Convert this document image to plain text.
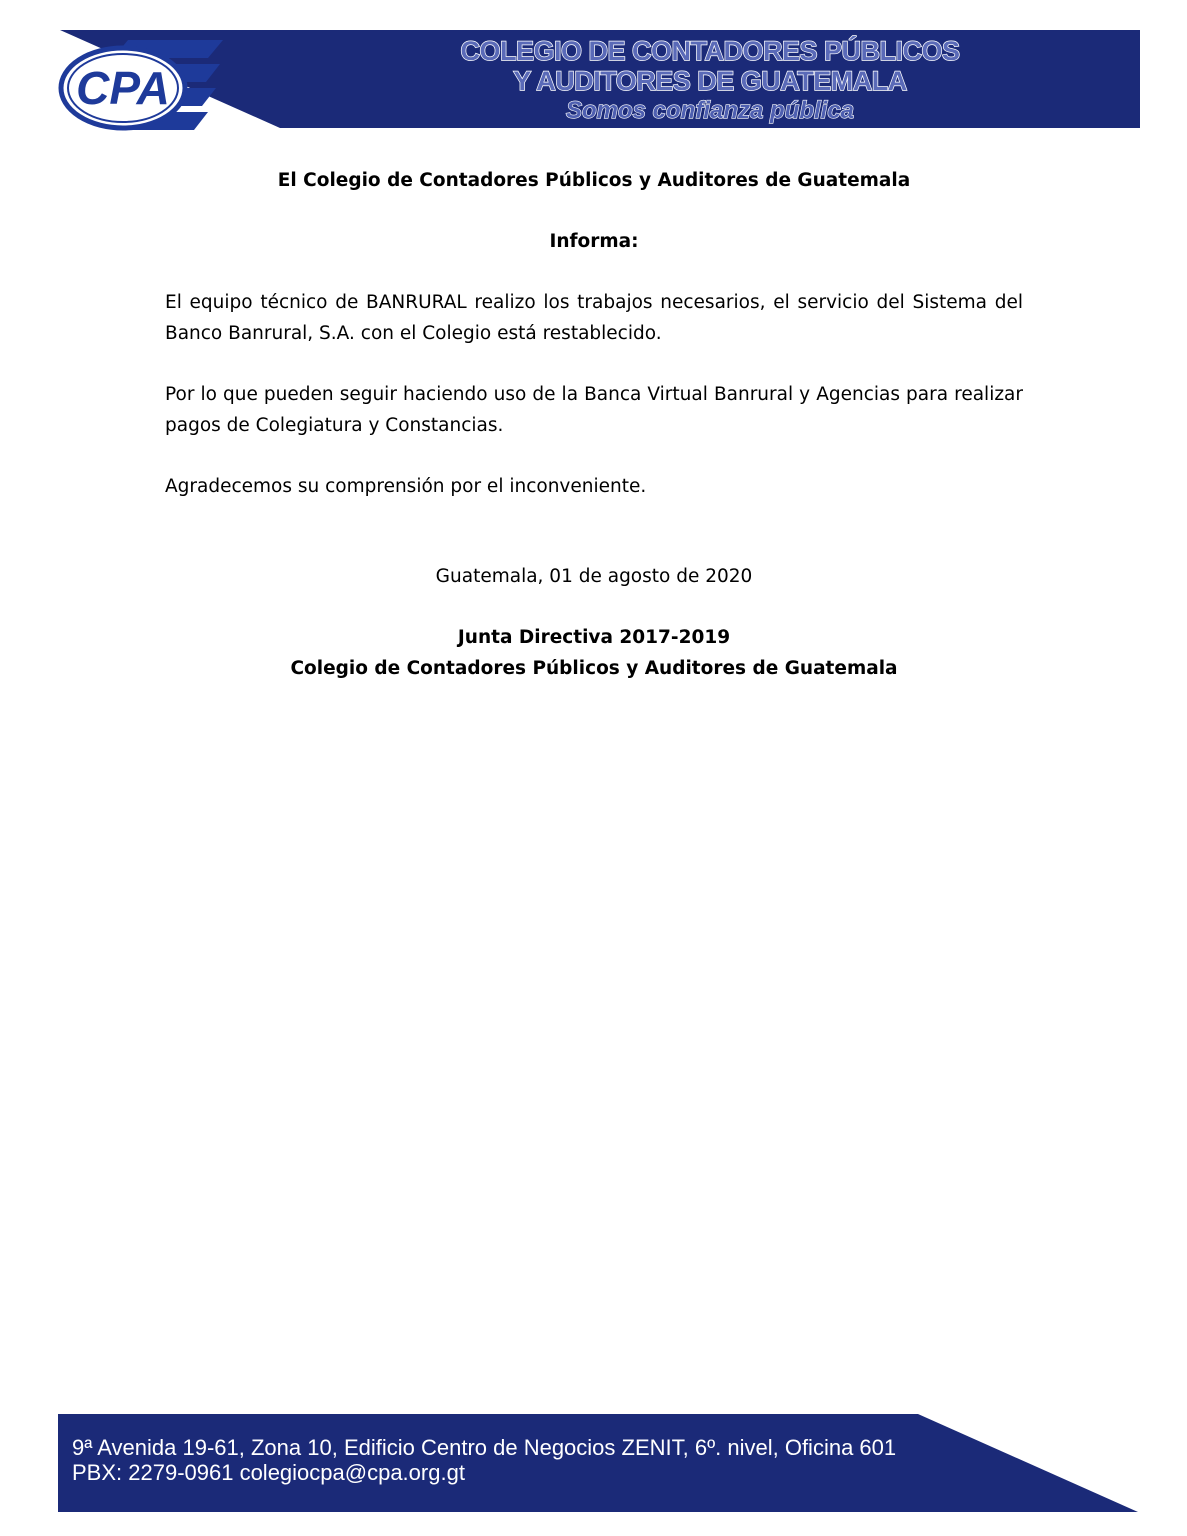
CPA
COLEGIO DE CONTADORES PÚBLICOS
Y AUDITORES DE GUATEMALA
Somos confianza pública

El Colegio de Contadores Públicos y Auditores de Guatemala

Informa:

El equipo técnico de BANRURAL realizo los trabajos necesarios, el servicio del Sistema del Banco Banrural, S.A. con el Colegio está restablecido.

Por lo que pueden seguir haciendo uso de la Banca Virtual Banrural y Agencias para realizar pagos de Colegiatura y Constancias.

Agradecemos su comprensión por el inconveniente.

Guatemala, 01 de agosto de 2020

Junta Directiva 2017-2019

Colegio de Contadores Públicos y Auditores de Guatemala

9ª Avenida 19-61, Zona 10, Edificio Centro de Negocios ZENIT, 6º. nivel, Oficina 601
PBX: 2279-0961 colegiocpa@cpa.org.gt
